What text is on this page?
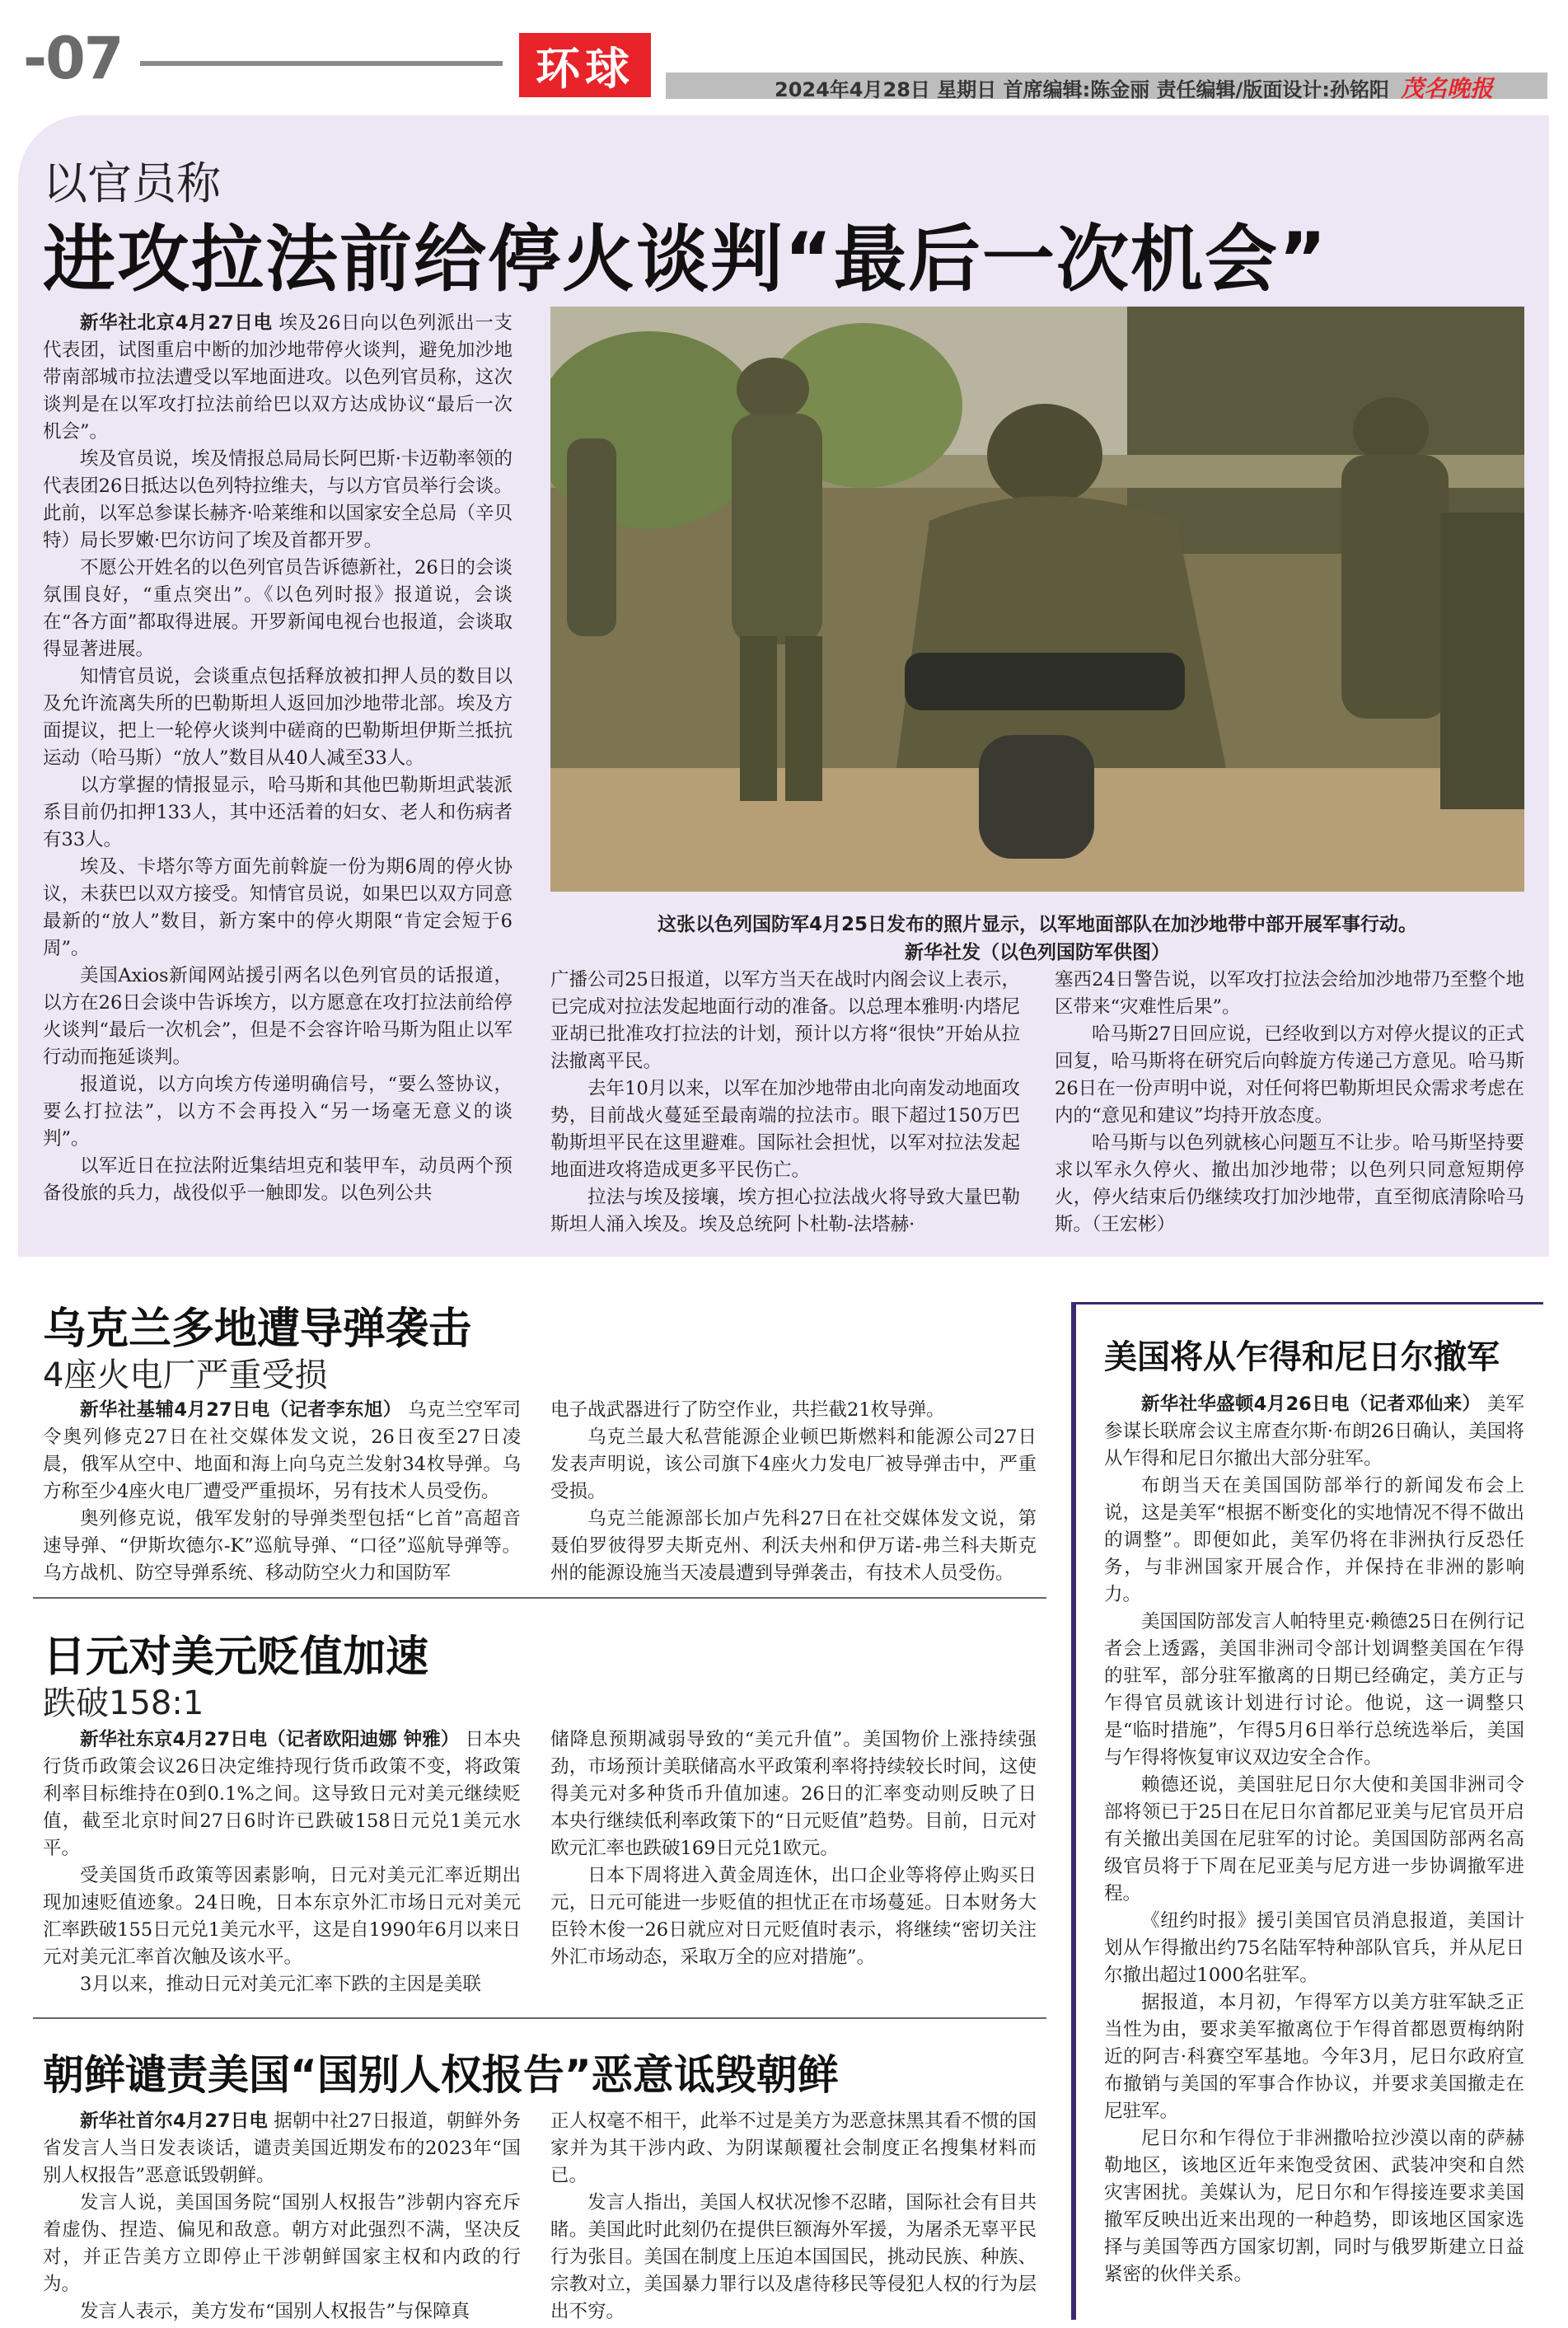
-07	环球	2024年4月28日 星期日 首席编辑:陈金丽 责任编辑/版面设计:孙铭阳 茂名晚报
以官员称
进攻拉法前给停火谈判“最后一次机会”

新华社北京4月27日电 埃及26日向以色列派出一支代表团，试图重启中断的加沙地带停火谈判，避免加沙地带南部城市拉法遭受以军地面进攻。以色列官员称，这次谈判是在以军攻打拉法前给巴以双方达成协议“最后一次机会”。

埃及官员说，埃及情报总局局长阿巴斯·卡迈勒率领的代表团26日抵达以色列特拉维夫，与以方官员举行会谈。此前，以军总参谋长赫齐·哈莱维和以国家安全总局（辛贝特）局长罗嫩·巴尔访问了埃及首都开罗。

不愿公开姓名的以色列官员告诉德新社，26日的会谈氛围良好，“重点突出”。《以色列时报》报道说，会谈在“各方面”都取得进展。开罗新闻电视台也报道，会谈取得显著进展。

知情官员说，会谈重点包括释放被扣押人员的数目以及允许流离失所的巴勒斯坦人返回加沙地带北部。埃及方面提议，把上一轮停火谈判中磋商的巴勒斯坦伊斯兰抵抗运动（哈马斯）“放人”数目从40人减至33人。

以方掌握的情报显示，哈马斯和其他巴勒斯坦武装派系目前仍扣押133人，其中还活着的妇女、老人和伤病者有33人。

埃及、卡塔尔等方面先前斡旋一份为期6周的停火协议，未获巴以双方接受。知情官员说，如果巴以双方同意最新的“放人”数目，新方案中的停火期限“肯定会短于6周”。

美国Axios新闻网站援引两名以色列官员的话报道，以方在26日会谈中告诉埃方，以方愿意在攻打拉法前给停火谈判“最后一次机会”，但是不会容许哈马斯为阻止以军行动而拖延谈判。

报道说，以方向埃方传递明确信号，“要么签协议，要么打拉法”，以方不会再投入“另一场毫无意义的谈判”。

以军近日在拉法附近集结坦克和装甲车，动员两个预备役旅的兵力，战役似乎一触即发。以色列公共

这张以色列国防军4月25日发布的照片显示，以军地面部队在加沙地带中部开展军事行动。
新华社发（以色列国防军供图）

广播公司25日报道，以军方当天在战时内阁会议上表示，已完成对拉法发起地面行动的准备。以总理本雅明·内塔尼亚胡已批准攻打拉法的计划，预计以方将“很快”开始从拉法撤离平民。

去年10月以来，以军在加沙地带由北向南发动地面攻势，目前战火蔓延至最南端的拉法市。眼下超过150万巴勒斯坦平民在这里避难。国际社会担忧，以军对拉法发起地面进攻将造成更多平民伤亡。

拉法与埃及接壤，埃方担心拉法战火将导致大量巴勒斯坦人涌入埃及。埃及总统阿卜杜勒-法塔赫·

塞西24日警告说，以军攻打拉法会给加沙地带乃至整个地区带来“灾难性后果”。

哈马斯27日回应说，已经收到以方对停火提议的正式回复，哈马斯将在研究后向斡旋方传递己方意见。哈马斯26日在一份声明中说，对任何将巴勒斯坦民众需求考虑在内的“意见和建议”均持开放态度。

哈马斯与以色列就核心问题互不让步。哈马斯坚持要求以军永久停火、撤出加沙地带；以色列只同意短期停火，停火结束后仍继续攻打加沙地带，直至彻底清除哈马斯。（王宏彬）

乌克兰多地遭导弹袭击
4座火电厂严重受损

新华社基辅4月27日电（记者李东旭） 乌克兰空军司令奥列修克27日在社交媒体发文说，26日夜至27日凌晨，俄军从空中、地面和海上向乌克兰发射34枚导弹。乌方称至少4座火电厂遭受严重损坏，另有技术人员受伤。

奥列修克说，俄军发射的导弹类型包括“匕首”高超音速导弹、“伊斯坎德尔-K”巡航导弹、“口径”巡航导弹等。乌方战机、防空导弹系统、移动防空火力和国防军

电子战武器进行了防空作业，共拦截21枚导弹。

乌克兰最大私营能源企业顿巴斯燃料和能源公司27日发表声明说，该公司旗下4座火力发电厂被导弹击中，严重受损。

乌克兰能源部长加卢先科27日在社交媒体发文说，第聂伯罗彼得罗夫斯克州、利沃夫州和伊万诺-弗兰科夫斯克州的能源设施当天凌晨遭到导弹袭击，有技术人员受伤。

日元对美元贬值加速
跌破158:1

新华社东京4月27日电（记者欧阳迪娜 钟雅） 日本央行货币政策会议26日决定维持现行货币政策不变，将政策利率目标维持在0到0.1%之间。这导致日元对美元继续贬值，截至北京时间27日6时许已跌破158日元兑1美元水平。

受美国货币政策等因素影响，日元对美元汇率近期出现加速贬值迹象。24日晚，日本东京外汇市场日元对美元汇率跌破155日元兑1美元水平，这是自1990年6月以来日元对美元汇率首次触及该水平。

3月以来，推动日元对美元汇率下跌的主因是美联

储降息预期减弱导致的“美元升值”。美国物价上涨持续强劲，市场预计美联储高水平政策利率将持续较长时间，这使得美元对多种货币升值加速。26日的汇率变动则反映了日本央行继续低利率政策下的“日元贬值”趋势。目前，日元对欧元汇率也跌破169日元兑1欧元。

日本下周将进入黄金周连休，出口企业等将停止购买日元，日元可能进一步贬值的担忧正在市场蔓延。日本财务大臣铃木俊一26日就应对日元贬值时表示，将继续“密切关注外汇市场动态，采取万全的应对措施”。

朝鲜谴责美国“国别人权报告”恶意诋毁朝鲜

新华社首尔4月27日电 据朝中社27日报道，朝鲜外务省发言人当日发表谈话，谴责美国近期发布的2023年“国别人权报告”恶意诋毁朝鲜。

发言人说，美国国务院“国别人权报告”涉朝内容充斥着虚伪、捏造、偏见和敌意。朝方对此强烈不满，坚决反对，并正告美方立即停止干涉朝鲜国家主权和内政的行为。

发言人表示，美方发布“国别人权报告”与保障真

正人权毫不相干，此举不过是美方为恶意抹黑其看不惯的国家并为其干涉内政、为阴谋颠覆社会制度正名搜集材料而已。

发言人指出，美国人权状况惨不忍睹，国际社会有目共睹。美国此时此刻仍在提供巨额海外军援，为屠杀无辜平民行为张目。美国在制度上压迫本国国民，挑动民族、种族、宗教对立，美国暴力罪行以及虐待移民等侵犯人权的行为层出不穷。

美国将从乍得和尼日尔撤军

新华社华盛顿4月26日电（记者邓仙来） 美军参谋长联席会议主席查尔斯·布朗26日确认，美国将从乍得和尼日尔撤出大部分驻军。

布朗当天在美国国防部举行的新闻发布会上说，这是美军“根据不断变化的实地情况不得不做出的调整”。即便如此，美军仍将在非洲执行反恐任务，与非洲国家开展合作，并保持在非洲的影响力。

美国国防部发言人帕特里克·赖德25日在例行记者会上透露，美国非洲司令部计划调整美国在乍得的驻军，部分驻军撤离的日期已经确定，美方正与乍得官员就该计划进行讨论。他说，这一调整只是“临时措施”，乍得5月6日举行总统选举后，美国与乍得将恢复审议双边安全合作。

赖德还说，美国驻尼日尔大使和美国非洲司令部将领已于25日在尼日尔首都尼亚美与尼官员开启有关撤出美国在尼驻军的讨论。美国国防部两名高级官员将于下周在尼亚美与尼方进一步协调撤军进程。

《纽约时报》援引美国官员消息报道，美国计划从乍得撤出约75名陆军特种部队官兵，并从尼日尔撤出超过1000名驻军。

据报道，本月初，乍得军方以美方驻军缺乏正当性为由，要求美军撤离位于乍得首都恩贾梅纳附近的阿吉·科赛空军基地。今年3月，尼日尔政府宣布撤销与美国的军事合作协议，并要求美国撤走在尼驻军。

尼日尔和乍得位于非洲撒哈拉沙漠以南的萨赫勒地区，该地区近年来饱受贫困、武装冲突和自然灾害困扰。美媒认为，尼日尔和乍得接连要求美国撤军反映出近来出现的一种趋势，即该地区国家选择与美国等西方国家切割，同时与俄罗斯建立日益紧密的伙伴关系。
